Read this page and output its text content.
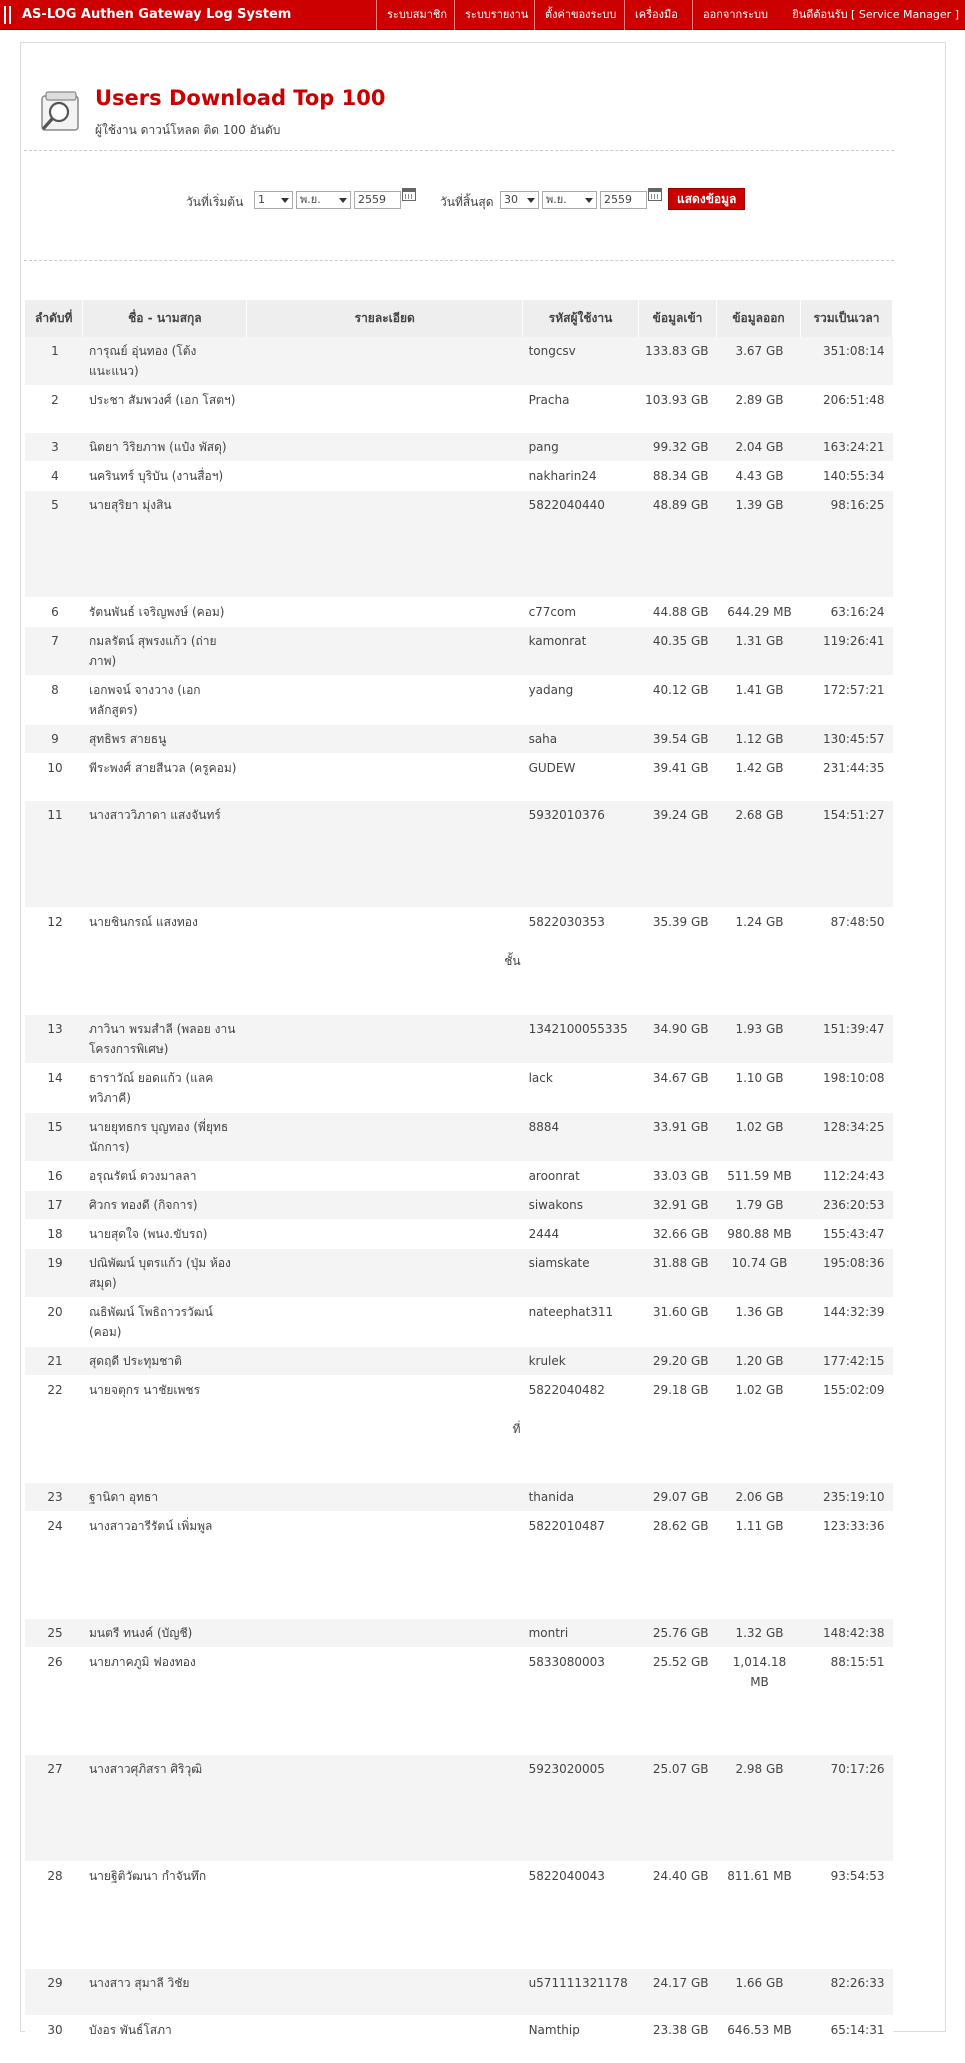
AS-LOG Authen Gateway Log System	ระบบสมาชิก	ระบบรายงาน	ตั้งค่าของระบบ	เครื่องมือ	ออกจากระบบ ยินดีต้อนรับ [ Service Manager ]
Users Download Top 100
ผู้ใช้งาน ดาวน์โหลด ติด 100 อันดับ
วันที่เริ่มต้น	1	พ.ย.	2559	วันที่สิ้นสุด 30	พ.ย.	2559	แสดงข้อมูล
ลำดับที่	ชื่อ - นามสกุล	รายละเอียด	รหัสผู้ใช้งาน	ข้อมูลเข้า	ข้อมูลออก	รวมเป็นเวลา
1	การุณย์ อุ่นทอง (โต้ง แนะแนว)		tongcsv	133.83 GB	3.67 GB	351:08:14
2	ประชา สัมพวงศ์ (เอก โสตฯ)		Pracha	103.93 GB	2.89 GB	206:51:48
3	นิตยา วิริยภาพ (แป๋ง พัสดุ)		pang	99.32 GB	2.04 GB	163:24:21
4	นครินทร์ บุริบัน (งานสื่อฯ)		nakharin24	88.34 GB	4.43 GB	140:55:34
5	นายสุริยา มุ่งสิน		5822040440	48.89 GB	1.39 GB	98:16:25
6	รัตนพันธ์ เจริญพงษ์ (คอม)		c77com	44.88 GB	644.29 MB	63:16:24
7	กมลรัตน์ สุพรงแก้ว (ถ่ายภาพ)		kamonrat	40.35 GB	1.31 GB	119:26:41
8	เอกพจน์ จางวาง (เอก หลักสูตร)		yadang	40.12 GB	1.41 GB	172:57:21
9	สุทธิพร สายธนู		saha	39.54 GB	1.12 GB	130:45:57
10	พีระพงศ์ สายสีนวล (ครูคอม)		GUDEW	39.41 GB	1.42 GB	231:44:35
11	นางสาววิภาดา แสงจันทร์		5932010376	39.24 GB	2.68 GB	154:51:27
12	นายชินกรณ์ แสงทอง	ชั้น	5822030353	35.39 GB	1.24 GB	87:48:50
13	ภาวินา พรมสำลี (พลอย งานโครงการพิเศษ)		1342100055335	34.90 GB	1.93 GB	151:39:47
14	ธาราวัณ์ ยอดแก้ว (แลค ทวิภาคี)		lack	34.67 GB	1.10 GB	198:10:08
15	นายยุทธกร บุญทอง (พี่ยุทธ นักการ)		8884	33.91 GB	1.02 GB	128:34:25
16	อรุณรัตน์ ดวงมาลลา		aroonrat	33.03 GB	511.59 MB	112:24:43
17	ศิวกร ทองดี (กิจการ)		siwakons	32.91 GB	1.79 GB	236:20:53
18	นายสุดใจ (พนง.ขับรถ)		2444	32.66 GB	980.88 MB	155:43:47
19	ปณิพัฒน์ บุตรแก้ว (ปุ่ม ห้องสมุด)		siamskate	31.88 GB	10.74 GB	195:08:36
20	ณธิพัฒน์ โพธิถาวรวัฒน์ (คอม)		nateephat311	31.60 GB	1.36 GB	144:32:39
21	สุดฤดี ประทุมชาติ		krulek	29.20 GB	1.20 GB	177:42:15
22	นายจตุกร นาชัยเพชร	ที่	5822040482	29.18 GB	1.02 GB	155:02:09
23	ฐานิดา อุทธา		thanida	29.07 GB	2.06 GB	235:19:10
24	นางสาวอารีรัตน์ เพิ่มพูล		5822010487	28.62 GB	1.11 GB	123:33:36
25	มนตรี ทนงค์ (บัญชี)		montri	25.76 GB	1.32 GB	148:42:38
26	นายภาคภูมิ ฟองทอง		5833080003	25.52 GB	1,014.18 MB	88:15:51
27	นางสาวศุภิสรา ศิริวุฒิ		5923020005	25.07 GB	2.98 GB	70:17:26
28	นายฐิติวัฒนา กำจันทึก		5822040043	24.40 GB	811.61 MB	93:54:53
29	นางสาว สุมาลี วิชัย		u571111321178	24.17 GB	1.66 GB	82:26:33
30	บังอร พันธ์โสภา		Namthip	23.38 GB	646.53 MB	65:14:31
